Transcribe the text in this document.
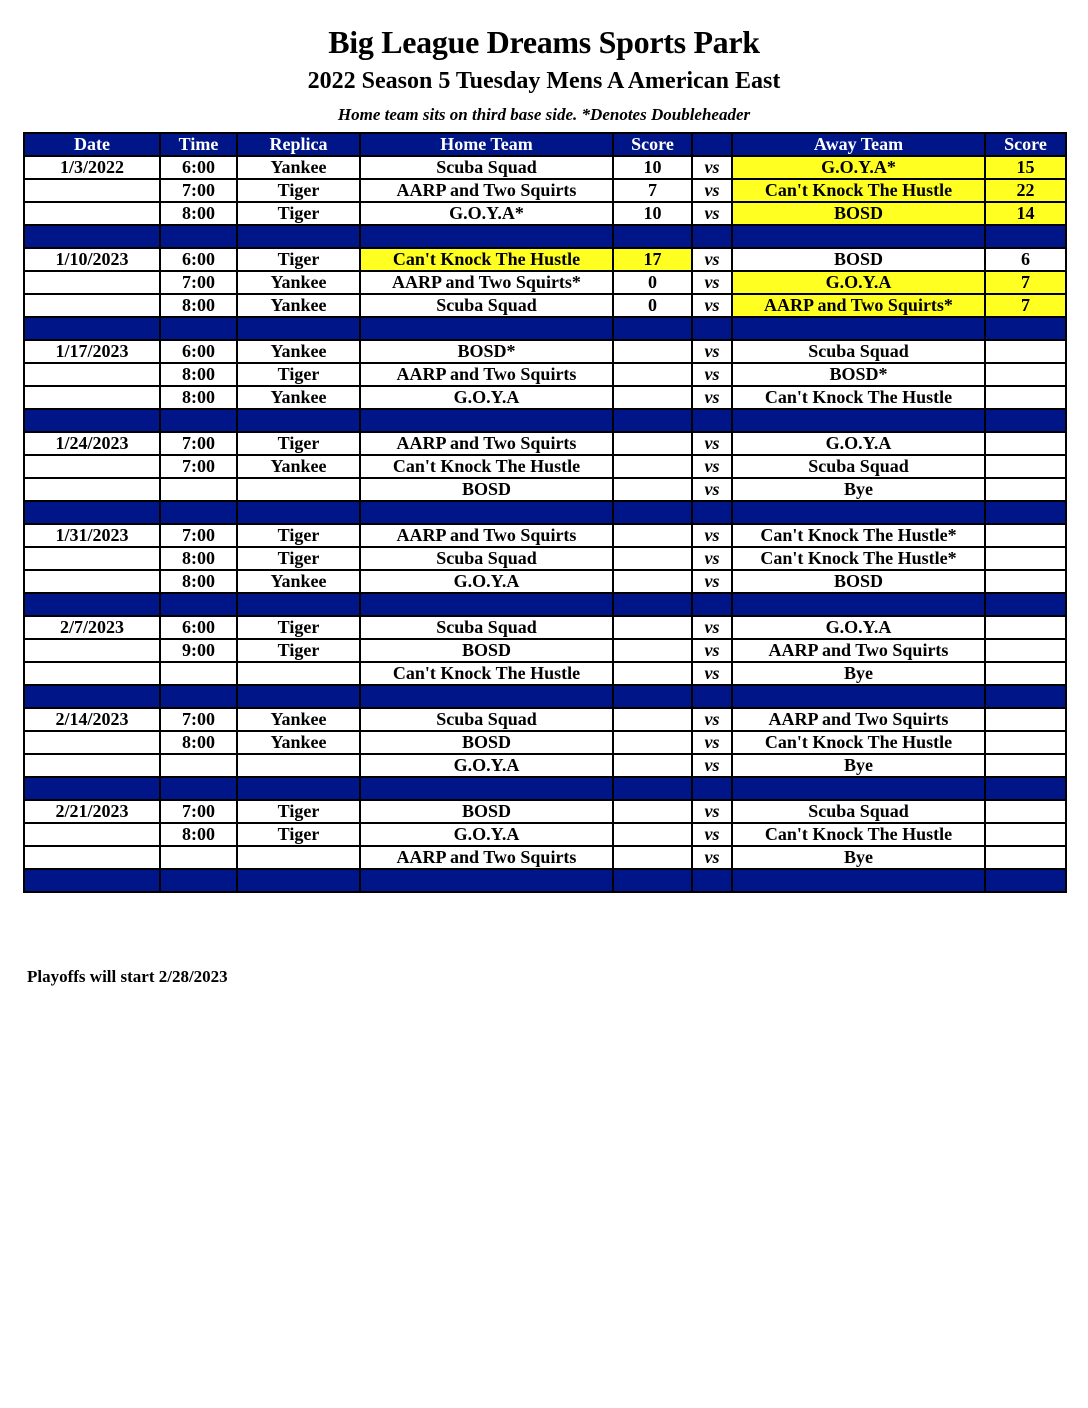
Big League Dreams Sports Park
2022 Season 5 Tuesday Mens A American East
Home team sits on third base side. *Denotes Doubleheader
Date	Time	Replica	Home Team	Score		Away Team	Score
1/3/2022	6:00	Yankee	Scuba Squad	10	vs	G.O.Y.A*	15
	7:00	Tiger	AARP and Two Squirts	7	vs	Can't Knock The Hustle	22
	8:00	Tiger	G.O.Y.A*	10	vs	BOSD	14

1/10/2023	6:00	Tiger	Can't Knock The Hustle	17	vs	BOSD	6
	7:00	Yankee	AARP and Two Squirts*	0	vs	G.O.Y.A	7
	8:00	Yankee	Scuba Squad	0	vs	AARP and Two Squirts*	7

1/17/2023	6:00	Yankee	BOSD*		vs	Scuba Squad	
	8:00	Tiger	AARP and Two Squirts		vs	BOSD*	
	8:00	Yankee	G.O.Y.A		vs	Can't Knock The Hustle	

1/24/2023	7:00	Tiger	AARP and Two Squirts		vs	G.O.Y.A	
	7:00	Yankee	Can't Knock The Hustle		vs	Scuba Squad	
			BOSD		vs	Bye	

1/31/2023	7:00	Tiger	AARP and Two Squirts		vs	Can't Knock The Hustle*	
	8:00	Tiger	Scuba Squad		vs	Can't Knock The Hustle*	
	8:00	Yankee	G.O.Y.A		vs	BOSD	

2/7/2023	6:00	Tiger	Scuba Squad		vs	G.O.Y.A	
	9:00	Tiger	BOSD		vs	AARP and Two Squirts	
			Can't Knock The Hustle		vs	Bye	

2/14/2023	7:00	Yankee	Scuba Squad		vs	AARP and Two Squirts	
	8:00	Yankee	BOSD		vs	Can't Knock The Hustle	
			G.O.Y.A		vs	Bye	

2/21/2023	7:00	Tiger	BOSD		vs	Scuba Squad	
	8:00	Tiger	G.O.Y.A		vs	Can't Knock The Hustle	
			AARP and Two Squirts		vs	Bye	

Playoffs will start 2/28/2023
